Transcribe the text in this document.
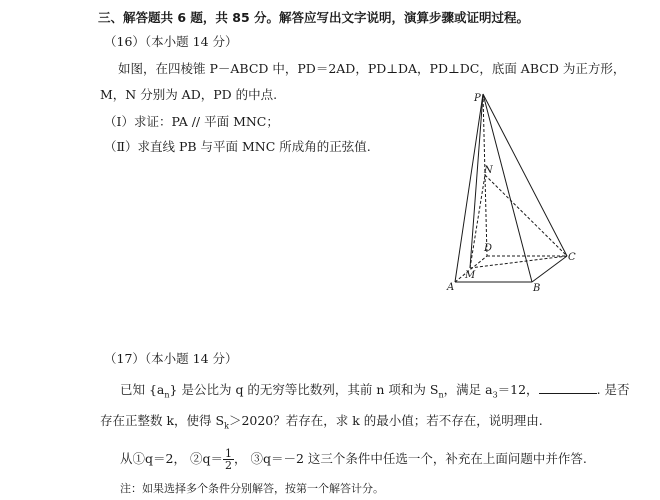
三、解答题共 6 题，共 85 分。解答应写出文字说明，演算步骤或证明过程。
（16）（本小题 14 分）
如图，在四棱锥 P－ABCD 中，PD＝2AD，PD⊥DA，PD⊥DC，底面 ABCD 为正方形，
M，N 分别为 AD，PD 的中点.
（Ⅰ）求证：PA // 平面 MNC；
（Ⅱ）求直线 PB 与平面 MNC 所成角的正弦值.
P
N
D
C
M
A	B
（17）（本小题 14 分）
已知 $\{a_n\}$ 是公比为 q 的无穷等比数列，其前 n 项和为 $S_n$，满足 $a_3=12$，	. 是否
存在正整数 k，使得 $S_k>2020$？若存在，求 k 的最小值；若不存在，说明理由.
从①q＝2， ②q＝ $\frac{1}{2}$ ， ③q＝－2 这三个条件中任选一个，补充在上面问题中并作答.
注：如果选择多个条件分别解答，按第一个解答计分。
